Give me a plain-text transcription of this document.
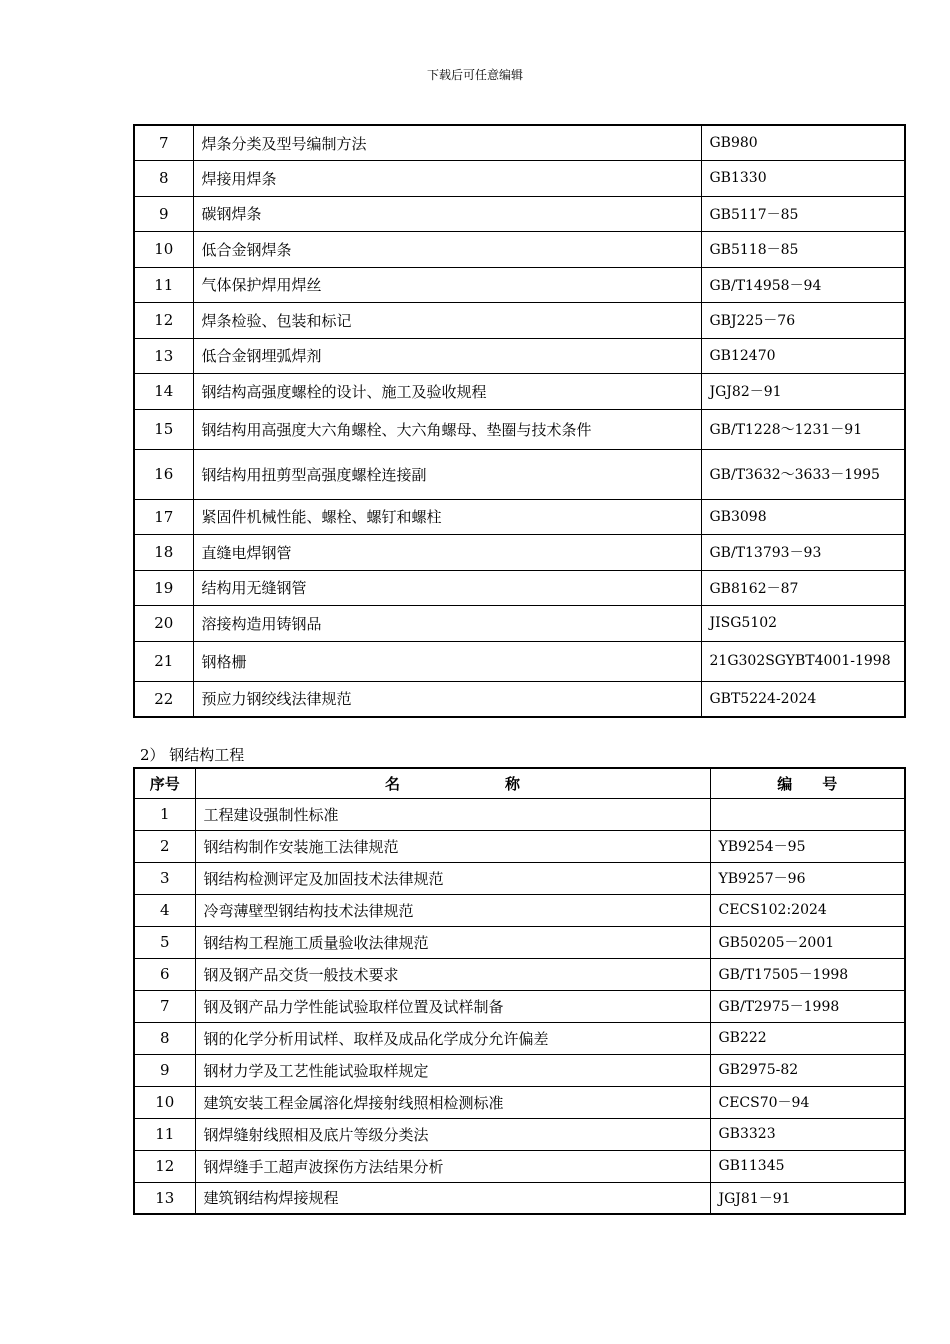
下载后可任意编辑
7	焊条分类及型号编制方法	GB980
8	焊接用焊条	GB1330
9	碳钢焊条	GB5117－85
10	低合金钢焊条	GB5118－85
11	气体保护焊用焊丝	GB/T14958－94
12	焊条检验、包装和标记	GBJ225－76
13	低合金钢埋弧焊剂	GB12470
14	钢结构高强度螺栓的设计、施工及验收规程	JGJ82－91
15	钢结构用高强度大六角螺栓、大六角螺母、垫圈与技术条件	GB/T1228～1231－91
16	钢结构用扭剪型高强度螺栓连接副	GB/T3632～3633－1995
17	紧固件机械性能、螺栓、螺钉和螺柱	GB3098
18	直缝电焊钢管	GB/T13793－93
19	结构用无缝钢管	GB8162－87
20	溶接构造用铸钢品	JISG5102
21	钢格栅	21G302SGYBT4001-1998
22	预应力钢绞线法律规范	GBT5224-2024
2） 钢结构工程
序号	名　　　　　　　称	编　　号
1	工程建设强制性标准	
2	钢结构制作安装施工法律规范	YB9254－95
3	钢结构检测评定及加固技术法律规范	YB9257－96
4	冷弯薄壁型钢结构技术法律规范	CECS102:2024
5	钢结构工程施工质量验收法律规范	GB50205－2001
6	钢及钢产品交货一般技术要求	GB/T17505－1998
7	钢及钢产品力学性能试验取样位置及试样制备	GB/T2975－1998
8	钢的化学分析用试样、取样及成品化学成分允许偏差	GB222
9	钢材力学及工艺性能试验取样规定	GB2975-82
10	建筑安装工程金属溶化焊接射线照相检测标准	CECS70－94
11	钢焊缝射线照相及底片等级分类法	GB3323
12	钢焊缝手工超声波探伤方法结果分析	GB11345
13	建筑钢结构焊接规程	JGJ81－91
